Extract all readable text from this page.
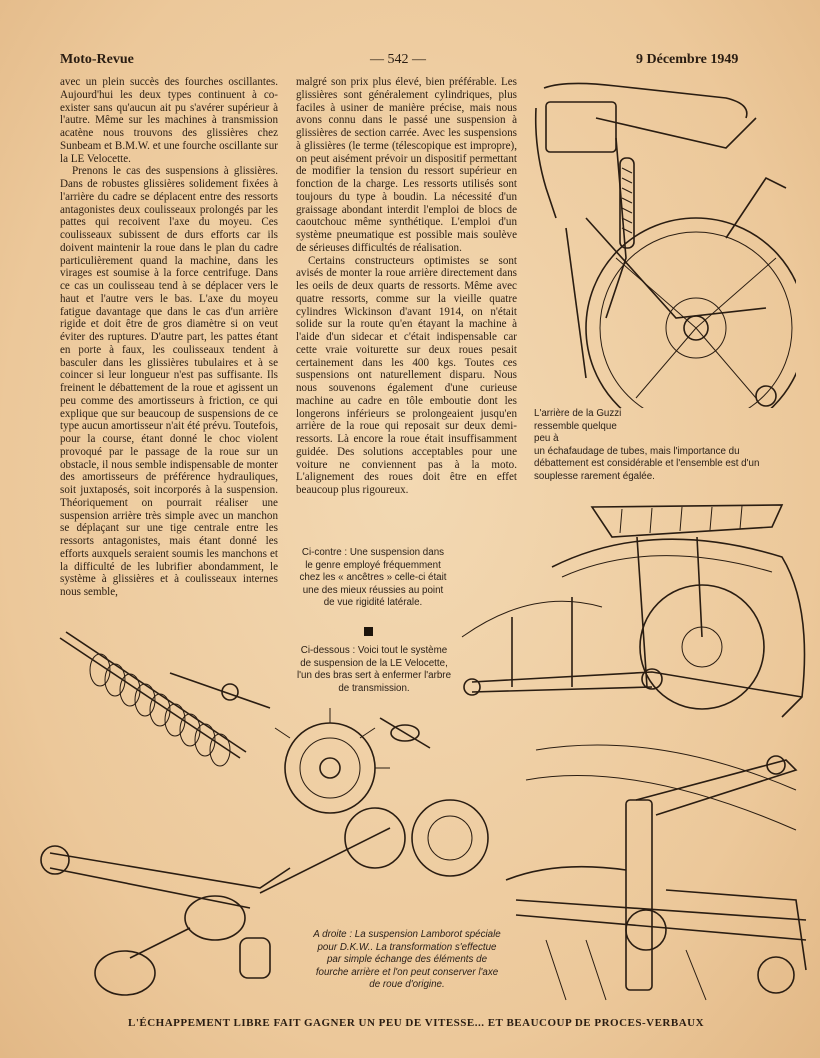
Moto-Revue	— 542 —	9 Décembre 1949

avec un plein succès des fourches oscillantes. Aujourd'hui les deux types continuent à co-exister sans qu'aucun ait pu s'avérer supérieur à l'autre. Même sur les machines à transmission acatène nous trouvons des glissières chez Sunbeam et B.M.W. et une fourche oscillante sur la LE Velocette.

Prenons le cas des suspensions à glissières. Dans de robustes glissières solidement fixées à l'arrière du cadre se déplacent entre des ressorts antagonistes deux coulisseaux prolongés par les pattes qui recoivent l'axe du moyeu. Ces coulisseaux subissent de durs efforts car ils doivent maintenir la roue dans le plan du cadre particulièrement quand la machine, dans les virages est soumise à la force centrifuge. Dans ce cas un coulisseau tend à se déplacer vers le haut et l'autre vers le bas. L'axe du moyeu fatigue davantage que dans le cas d'un arrière rigide et doit être de gros diamètre si on veut éviter des ruptures. D'autre part, les pattes étant en porte à faux, les coulisseaux tendent à basculer dans les glissières tubulaires et à se coincer si leur longueur n'est pas suffisante. Ils freinent le débattement de la roue et agissent un peu comme des amortisseurs à friction, ce qui explique que sur beaucoup de suspensions de ce type aucun amortisseur n'ait été prévu. Toutefois, pour la course, étant donné le choc violent provoqué par le passage de la roue sur un obstacle, il nous semble indispensable de monter des amortisseurs de préférence hydrauliques, soit juxtaposés, soit incorporés à la suspension. Théoriquement on pourrait réaliser une suspension arrière très simple avec un manchon se déplaçant sur une tige centrale entre les ressorts antagonistes, mais étant donné les efforts auxquels seraient soumis les manchons et la difficulté de les lubrifier abondamment, le système à glissières et à coulisseaux internes nous semble,

malgré son prix plus élevé, bien préférable. Les glissières sont généralement cylindriques, plus faciles à usiner de manière précise, mais nous avons connu dans le passé une suspension à glissières de section carrée. Avec les suspensions à glissières (le terme (télescopique est impropre), on peut aisément prévoir un dispositif permettant de modifier la tension du ressort supérieur en fonction de la charge. Les ressorts utilisés sont toujours du type à boudin. La nécessité d'un graissage abondant interdit l'emploi de blocs de caoutchouc même synthétique. L'emploi d'un système pneumatique est possible mais soulève de sérieuses difficultés de réalisation.

Certains constructeurs optimistes se sont avisés de monter la roue arrière directement dans les oeils de deux quarts de ressorts. Même avec quatre ressorts, comme sur la vieille quatre cylindres Wickinson d'avant 1914, on n'était solide sur la route qu'en étayant la machine à l'aide d'un sidecar et c'était indispensable car cette vraie voiturette sur deux roues pesait certainement dans les 400 kgs. Toutes ces suspensions ont naturellement disparu. Nous nous souvenons également d'une curieuse machine au cadre en tôle emboutie dont les longerons inférieurs se prolongeaient jusqu'en arrière de la roue qui reposait sur deux demi-ressorts. Là encore la roue était insuffisamment guidée. Des solutions acceptables pour une voiture ne conviennent pas à la moto. L'alignement des roues doit être en effet beaucoup plus rigoureux.

L'arrière de la Guzzi ressemble quelque peu à
un échafaudage de tubes, mais l'importance du débattement est considérable et l'ensemble est d'un souplesse rarement égalée.
Ci-contre : Une suspension dans le genre employé fréquemment chez les « ancêtres » celle-ci était une des mieux réussies au point de vue rigidité latérale.
Ci-dessous : Voici tout le système de suspension de la LE Velocette, l'un des bras sert à enfermer l'arbre de transmission.
A droite : La suspension Lamborot spéciale pour D.K.W.. La transformation s'effectue par simple échange des éléments de fourche arrière et l'on peut conserver l'axe de roue d'origine.
L'ÉCHAPPEMENT LIBRE FAIT GAGNER UN PEU DE VITESSE... ET BEAUCOUP DE PROCES-VERBAUX
